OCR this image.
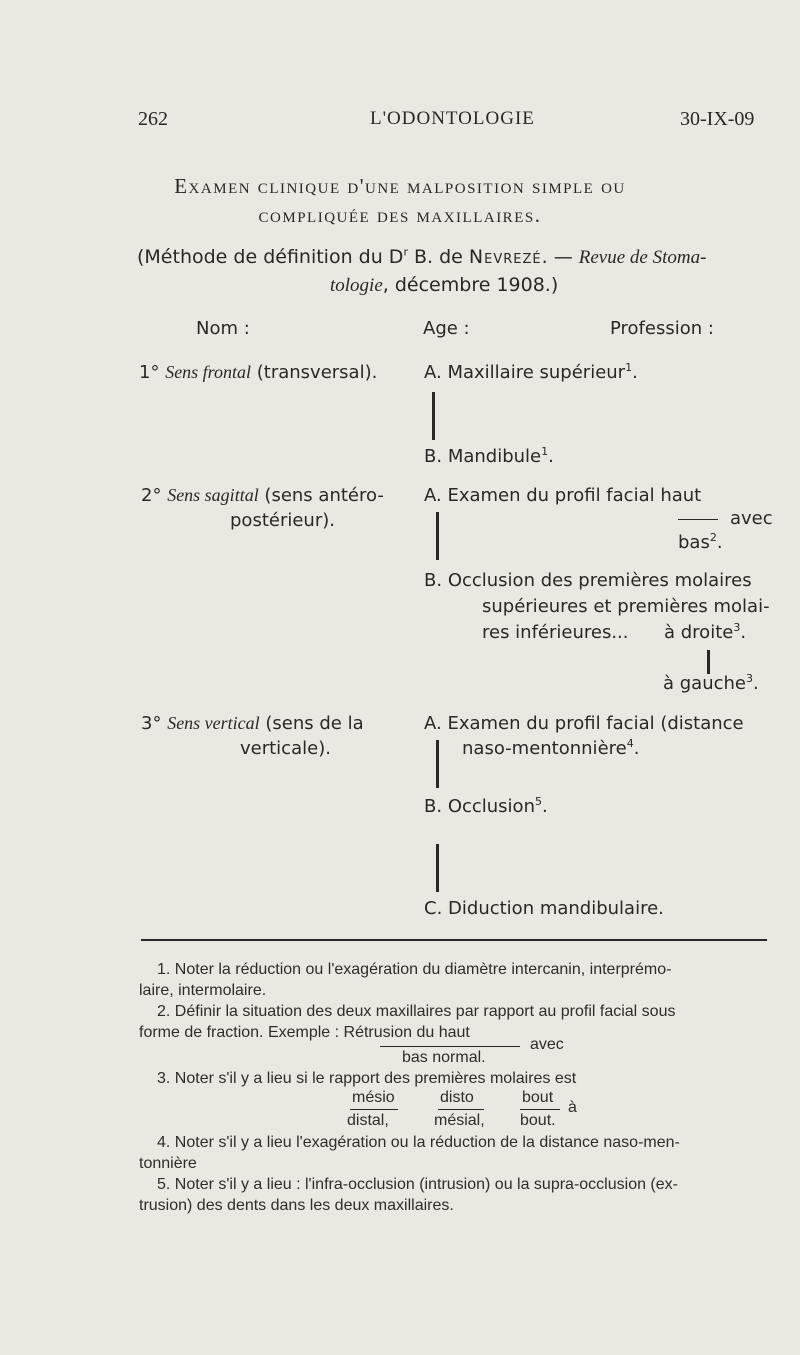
262	L'ODONTOLOGIE	30-IX-09
Examen clinique d'une malposition simple ou
compliquée des maxillaires.
(Méthode de définition du $D^r$ B. de Nevrezé. — Revue de Stoma-
tologie, décembre 1908.)
Nom :	Age :	Profession :
1° Sens frontal (transversal).	A. Maxillaire supérieur$^1$.
B. Mandibule$^1$.
2° Sens sagittal (sens antéro-
postérieur).
A. Examen du profil facial haut
avec
bas$^2$.
B. Occlusion des premières molaires
supérieures et premières molai-
res inférieures... à droite$^3$.
à gauche$^3$.
3° Sens vertical (sens de la
verticale).
A. Examen du profil facial (distance
naso-mentonnière$^4$.
B. Occlusion$^5$.
C. Diduction mandibulaire.
1. Noter la réduction ou l'exagération du diamètre intercanin, interprémo-
laire, intermolaire.
2. Définir la situation des deux maxillaires par rapport au profil facial sous
forme de fraction. Exemple : Rétrusion du haut
avec
bas normal.
3. Noter s'il y a lieu si le rapport des premières molaires est
mésio	disto	bout
à
distal,	mésial, bout.
4. Noter s'il y a lieu l'exagération ou la réduction de la distance naso-men-
tonnière
5. Noter s'il y a lieu : l'infra-occlusion (intrusion) ou la supra-occlusion (ex-
trusion) des dents dans les deux maxillaires.
